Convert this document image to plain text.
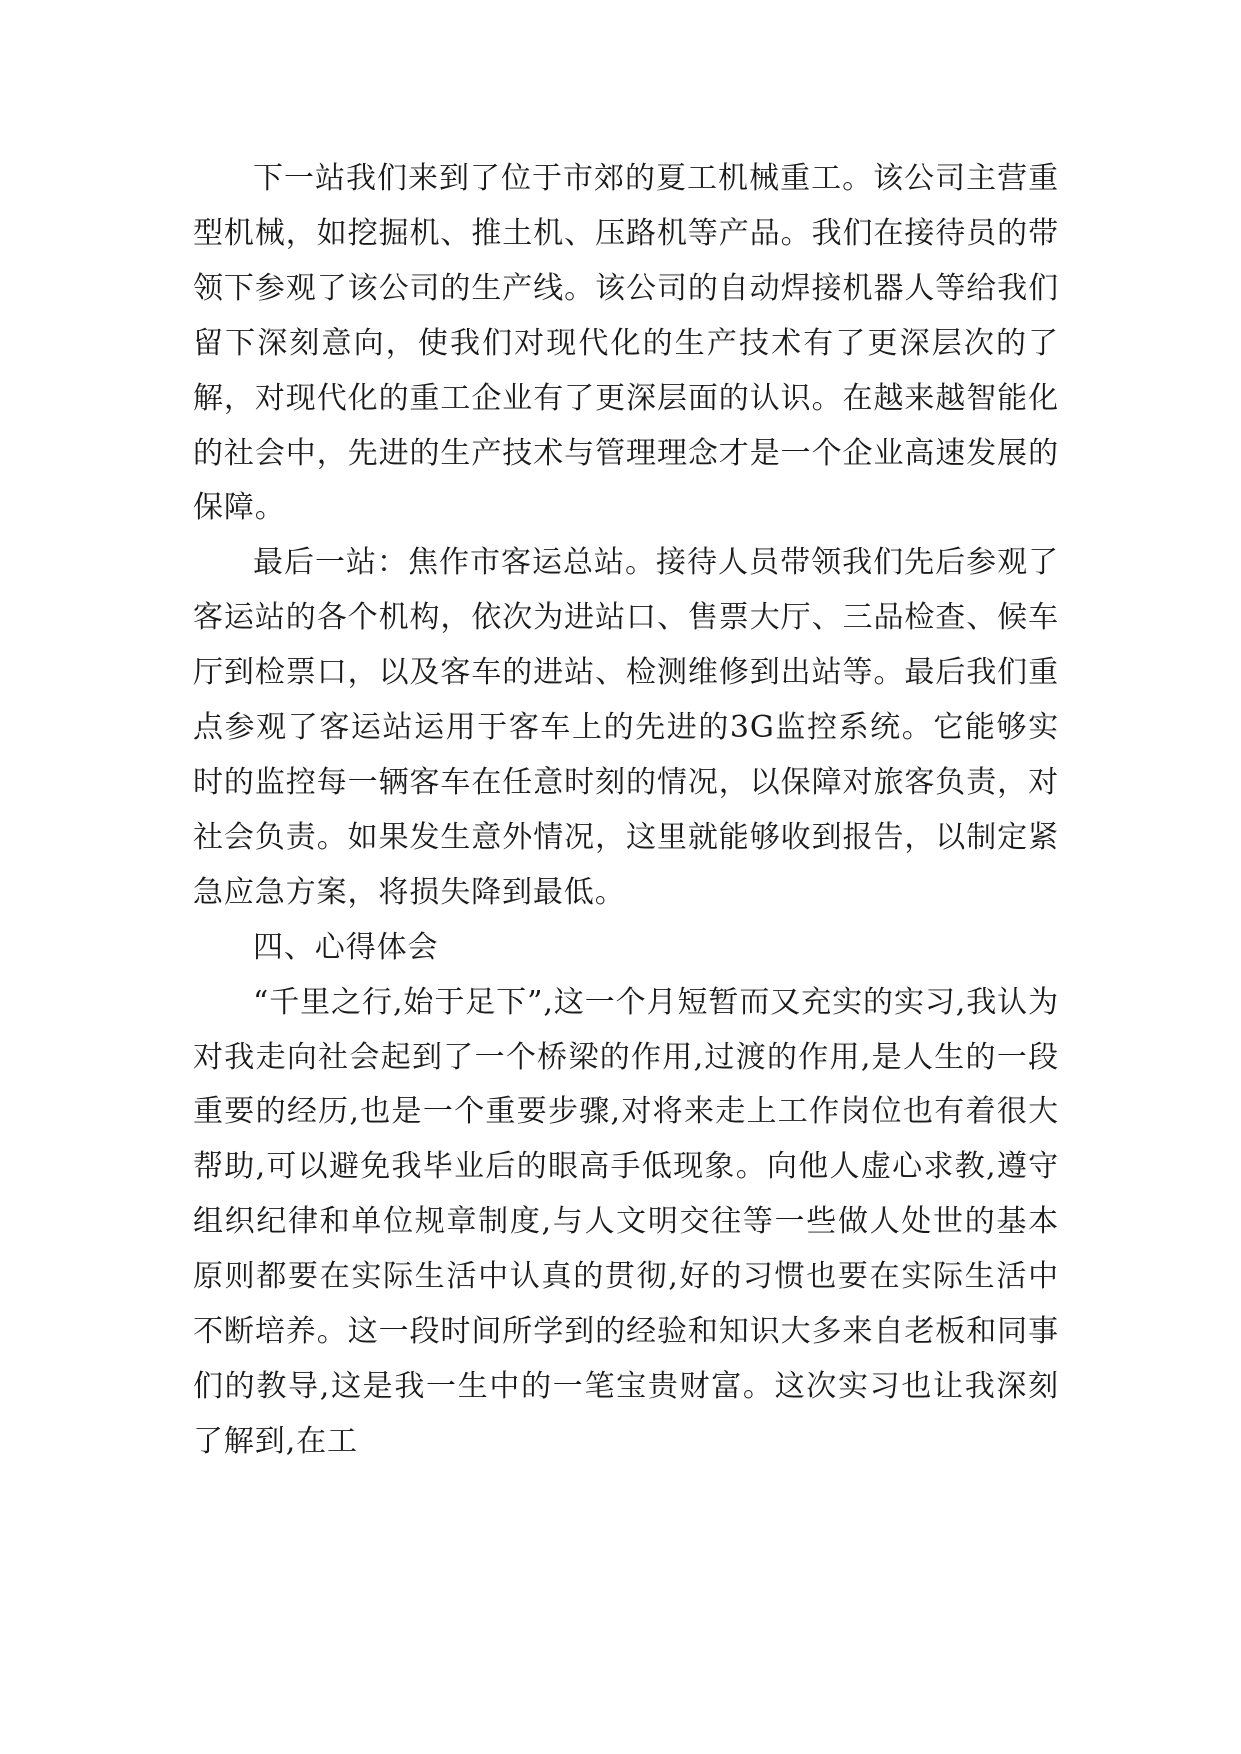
下一站我们来到了位于市郊的夏工机械重工。该公司主营重型机械，如挖掘机、推土机、压路机等产品。我们在接待员的带领下参观了该公司的生产线。该公司的自动焊接机器人等给我们留下深刻意向，使我们对现代化的生产技术有了更深层次的了解，对现代化的重工企业有了更深层面的认识。在越来越智能化的社会中，先进的生产技术与管理理念才是一个企业高速发展的保障。

最后一站：焦作市客运总站。接待人员带领我们先后参观了客运站的各个机构，依次为进站口、售票大厅、三品检查、候车厅到检票口，以及客车的进站、检测维修到出站等。最后我们重点参观了客运站运用于客车上的先进的3G监控系统。它能够实时的监控每一辆客车在任意时刻的情况，以保障对旅客负责，对社会负责。如果发生意外情况，这里就能够收到报告，以制定紧急应急方案，将损失降到最低。

四、心得体会

“千里之行,始于足下”,这一个月短暂而又充实的实习,我认为对我走向社会起到了一个桥梁的作用,过渡的作用,是人生的一段重要的经历,也是一个重要步骤,对将来走上工作岗位也有着很大帮助,可以避免我毕业后的眼高手低现象。向他人虚心求教,遵守组织纪律和单位规章制度,与人文明交往等一些做人处世的基本原则都要在实际生活中认真的贯彻,好的习惯也要在实际生活中不断培养。这一段时间所学到的经验和知识大多来自老板和同事们的教导,这是我一生中的一笔宝贵财富。这次实习也让我深刻了解到,在工
